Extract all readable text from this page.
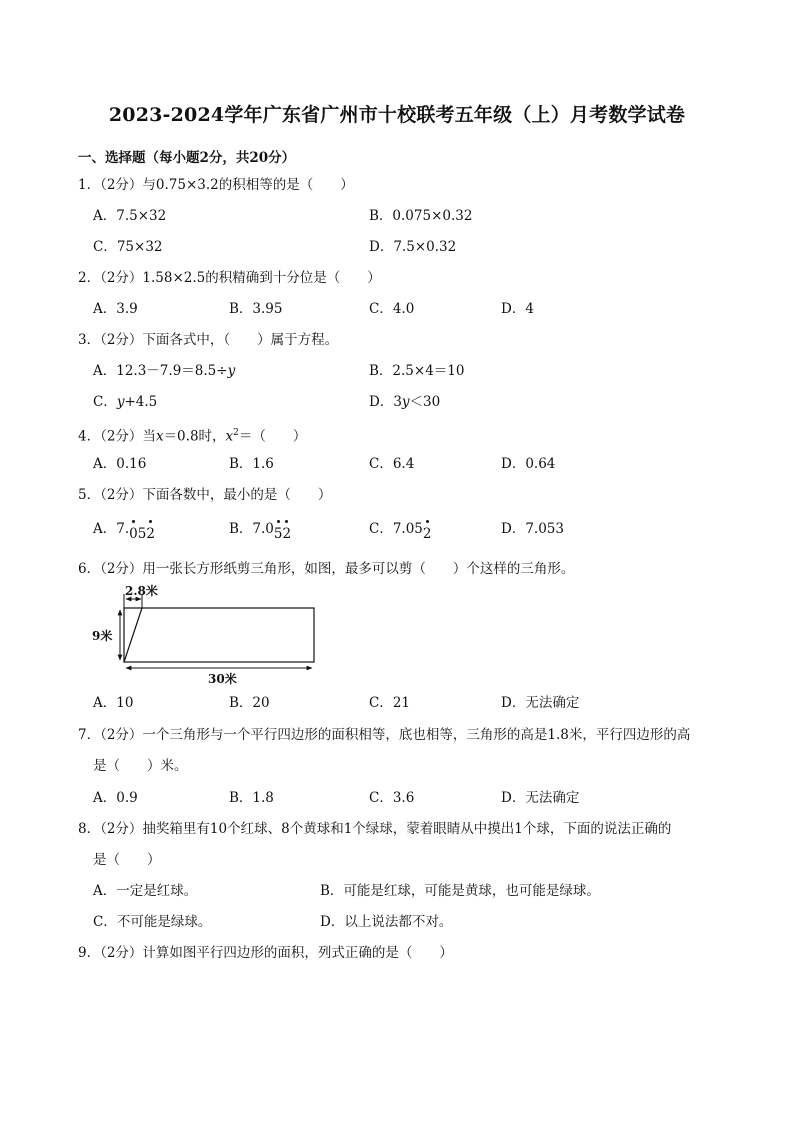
2023-2024学年广东省广州市十校联考五年级（上）月考数学试卷
一、选择题（每小题2分，共20分）
1．（2分）与0.75×3.2的积相等的是（　　）
A．7.5×32	B．0.075×0.32
C．75×32	D．7.5×0.32
2．（2分）1.58×2.5的积精确到十分位是（　　）
A．3.9	B．3.95	C．4.0	D．4
3．（2分）下面各式中，（　　）属于方程。
A．12.3－7.9＝8.5÷y	B．2.5×4＝10
C．y+4.5	D．3y＜30
4．（2分）当x＝0.8时，$x^2=$（　　）
A．0.16	B．1.6	C．6.4	D．0.64
5．（2分）下面各数中，最小的是（　　）
A．7.
05
2	B．7.0
5
2	C．7.05
2	D．7.053
6．（2分）用一张长方形纸剪三角形，如图，最多可以剪（　　）个这样的三角形。
2.8米
9米
30米
A．10	B．20	C．21	D．无法确定
7．（2分）一个三角形与一个平行四边形的面积相等，底也相等，三角形的高是1.8米，平行四边形的高
是（　　）米。
A．0.9	B．1.8	C．3.6	D．无法确定
8．（2分）抽奖箱里有10个红球、8个黄球和1个绿球，蒙着眼睛从中摸出1个球，下面的说法正确的
是（　　）
A．一定是红球。	B．可能是红球，可能是黄球，也可能是绿球。
C．不可能是绿球。	D．以上说法都不对。
9．（2分）计算如图平行四边形的面积，列式正确的是（　　）
